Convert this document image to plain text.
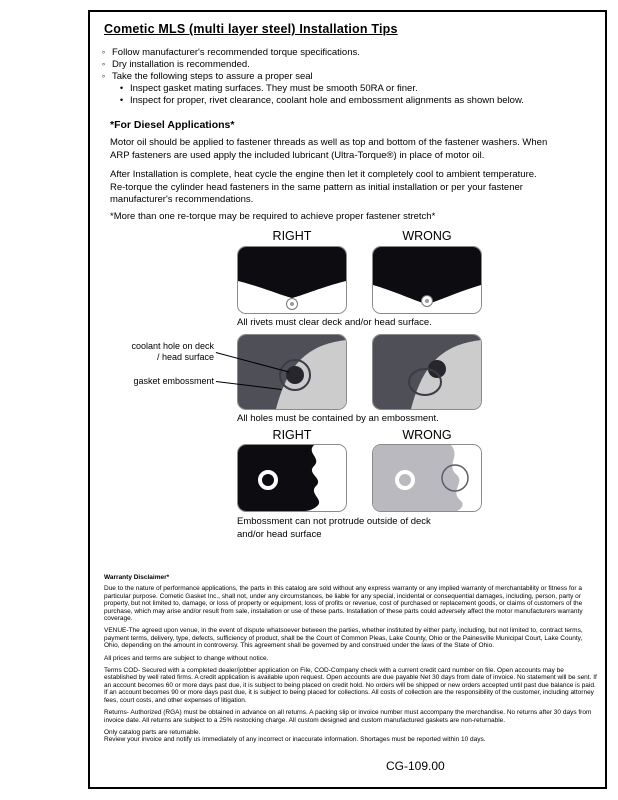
Cometic MLS (multi layer steel) Installation Tips
◦ Follow manufacturer's recommended torque specifications.
◦ Dry installation is recommended.
◦ Take the following steps to assure a proper seal
• Inspect gasket mating surfaces. They must be smooth 50RA or finer.
• Inspect for proper, rivet clearance, coolant hole and embossment alignments as shown below.
*For Diesel Applications*
Motor oil should be applied to fastener threads as well as top and bottom of the fastener washers. When ARP fasteners are used apply the included lubricant (Ultra-Torque®) in place of motor oil.
After Installation is complete, heat cycle the engine then let it completely cool to ambient temperature. Re-torque the cylinder head fasteners in the same pattern as initial installation or per your fastener manufacturer's recommendations.
*More than one re-torque may be required to achieve proper fastener stretch*
RIGHT	WRONG
All rivets must clear deck and/or head surface.
coolant hole on deck / head surface
gasket embossment
All holes must be contained by an embossment.
RIGHT	WRONG
Embossment can not protrude outside of deck and/or head surface
Warranty Disclaimer*

Due to the nature of performance applications, the parts in this catalog are sold without any express warranty or any implied warranty of merchantability or fitness for a particular purpose. Cometic Gasket Inc., shall not, under any circumstances, be liable for any special, incidental or consequential damages, including, person, party or property, but not limited to, damage, or loss of property or equipment, loss of profits or revenue, cost of purchased or replacement goods, or claims of customers of the purchase, which may arise and/or result from sale, installation or use of these parts. Installation of these parts could adversely affect the motor manufacturers warranty coverage.

VENUE-The agreed upon venue, in the event of dispute whatsoever between the parties, whether instituted by either party, including, but not limited to, contract terms, payment terms, delivery, type, defects, sufficiency of product, shall be the Court of Common Pleas, Lake County, Ohio or the Painesville Municipal Court, Lake County, Ohio, depending on the amount in controversy. This agreement shall be governed by and construed under the laws of the State of Ohio.

All prices and terms are subject to change without notice.

Terms COD- Secured with a completed dealer/jobber application on File, COD-Company check with a current credit card number on file. Open accounts may be established by well rated firms. A credit application is available upon request. Open accounts are due payable Net 30 days from date of invoice. No statement will be sent. If an account becomes 60 or more days past due, it is subject to being placed on credit hold. No orders will be shipped or new orders accepted until past due balance is paid. If an account becomes 90 or more days past due, it is subject to being placed for collections. All costs of collection are the responsibility of the customer, including attorney fees, court costs, and other expenses of litigation.

Returns- Authorized (RGA) must be obtained in advance on all returns. A packing slip or invoice number must accompany the merchandise. No returns after 30 days from invoice date. All returns are subject to a 25% restocking charge. All custom designed and custom manufactured gaskets are non-returnable.

Only catalog parts are returnable.

Review your invoice and notify us immediately of any incorrect or inaccurate information. Shortages must be reported within 10 days.

CG-109.00
